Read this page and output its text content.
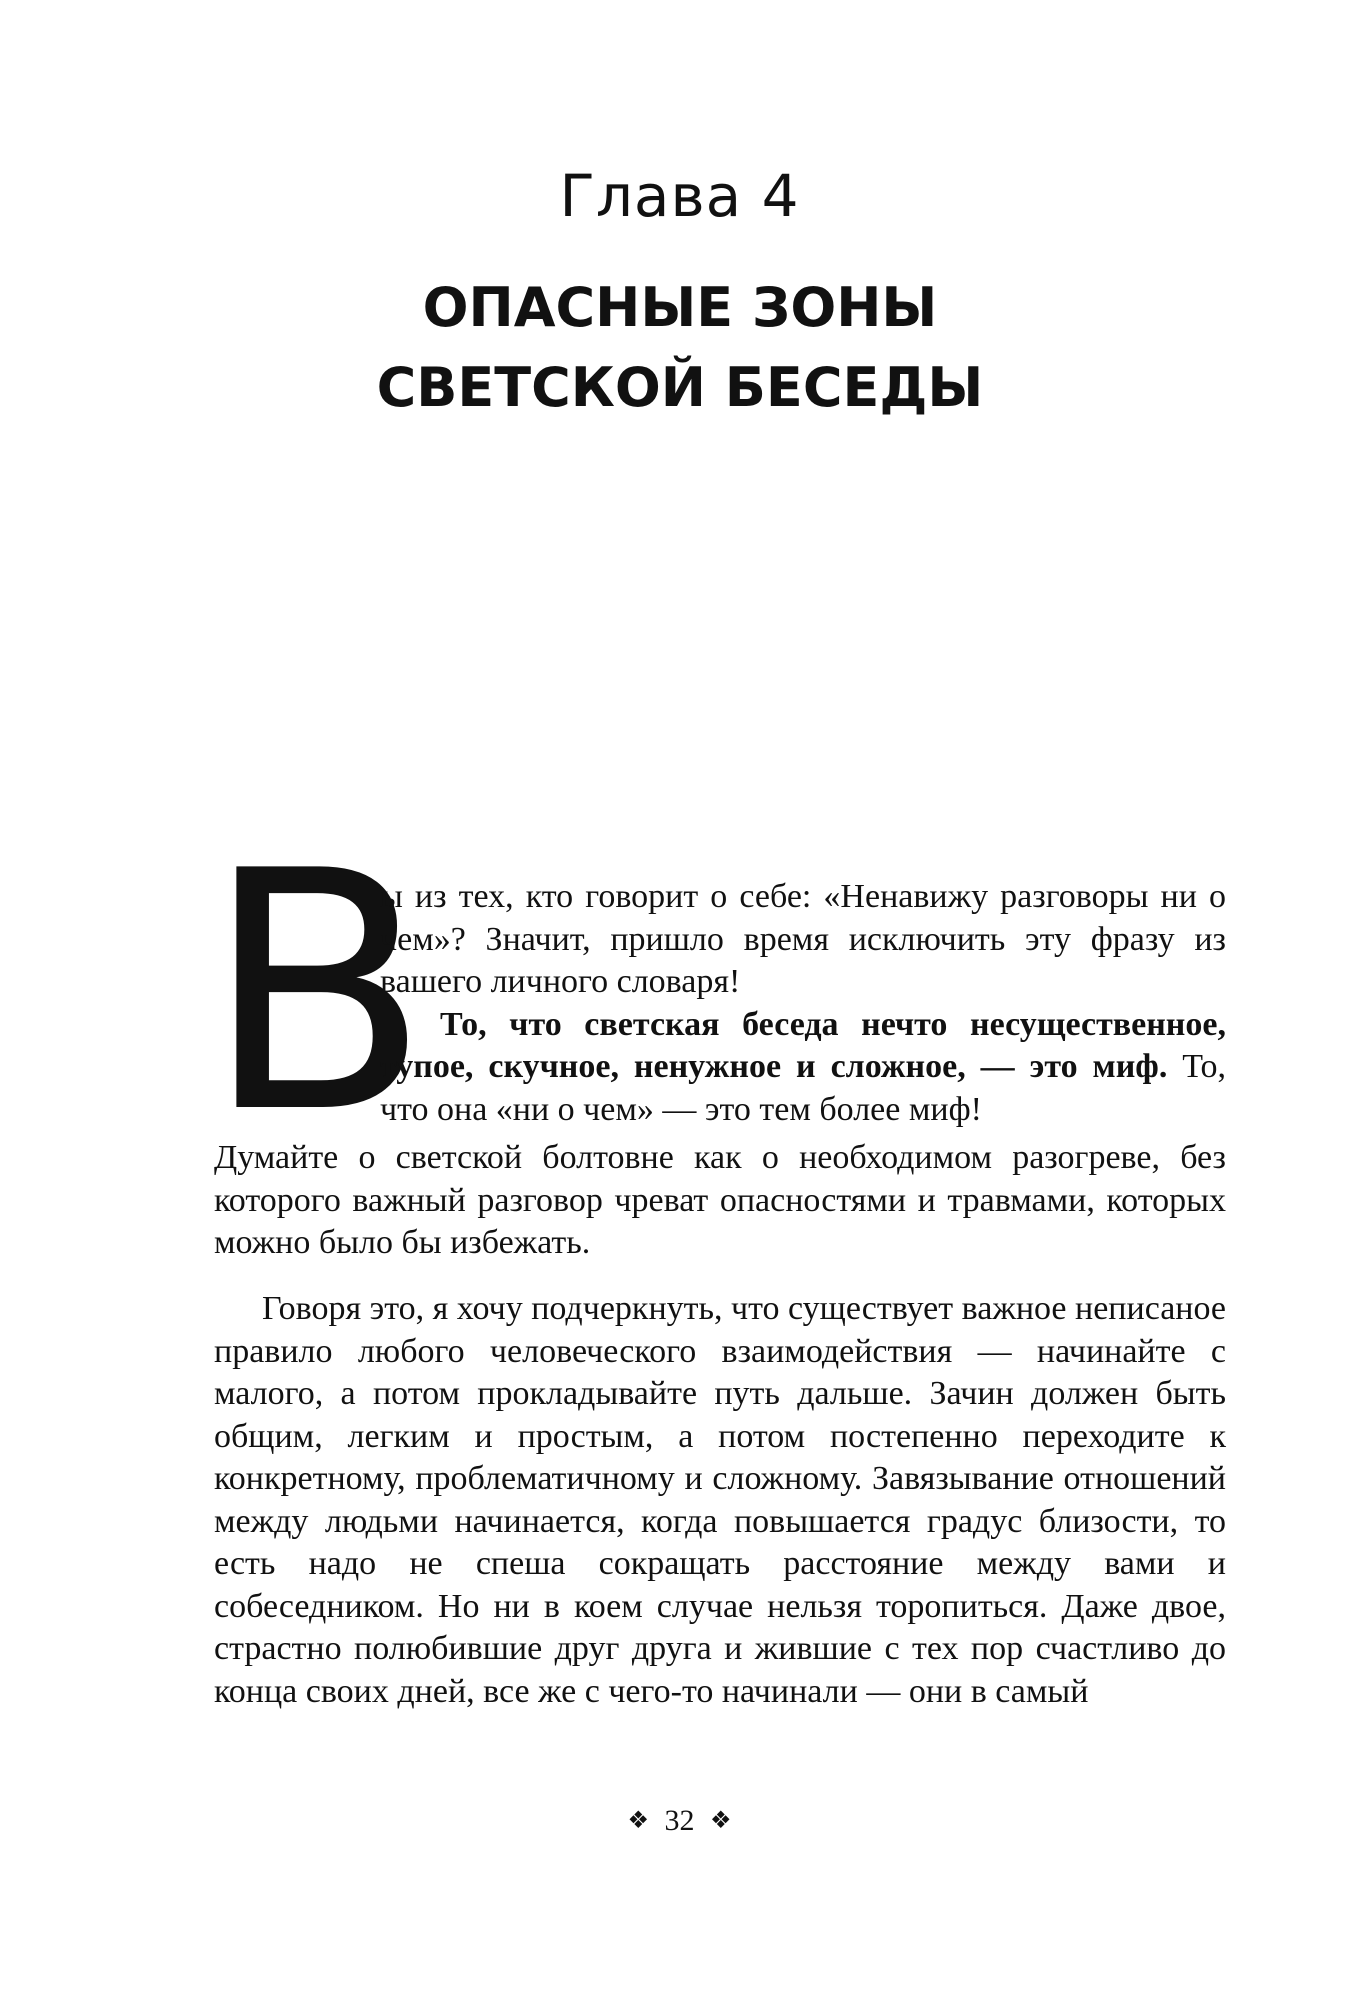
Глава 4
ОПАСНЫЕ ЗОНЫ СВЕТСКОЙ БЕСЕДЫ
В
ы из тех, кто говорит о себе: «Ненавижу разговоры ни о чем»? Значит, пришло время исключить эту фразу из вашего личного словаря!
То, что светская беседа нечто несущественное, тупое, скучное, ненужное и сложное, — это миф. То, что она «ни о чем» — это тем более миф!
Думайте о светской болтовне как о необходимом разогреве, без которого важный разговор чреват опасностями и травмами, которых можно было бы избежать.
Говоря это, я хочу подчеркнуть, что существует важное неписаное правило любого человеческого взаимодействия — начинайте с малого, а потом прокладывайте путь дальше. Зачин должен быть общим, легким и простым, а потом постепенно переходите к конкретному, проблематичному и сложному. Завязывание отношений между людьми начинается, когда повышается градус близости, то есть надо не спеша сокращать расстояние между вами и собеседником. Но ни в коем случае нельзя торопиться. Даже двое, страстно полюбившие друг друга и жившие с тех пор счастливо до конца своих дней, все же с чего-то начинали — они в самый
❖ 32 ❖
